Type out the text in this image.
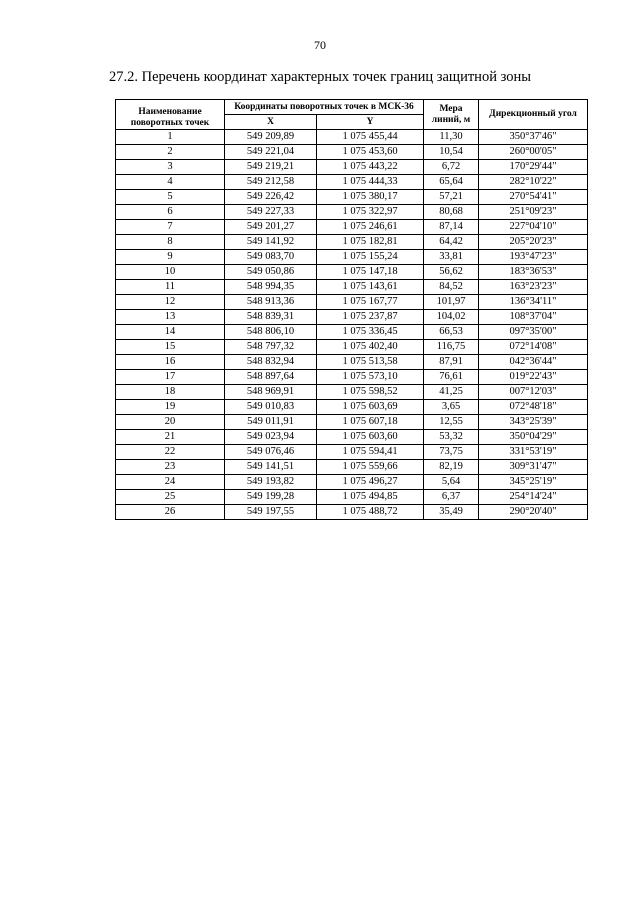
70
27.2. Перечень координат характерных точек границ защитной зоны
Наименование поворотных точек	Координаты поворотных точек в МСК-36		Мера линий, м	Дирекционный угол
	X	Y		
1	549 209,89	1 075 455,44	11,30	350°37'46"
2	549 221,04	1 075 453,60	10,54	260°00'05"
3	549 219,21	1 075 443,22	6,72	170°29'44"
4	549 212,58	1 075 444,33	65,64	282°10'22"
5	549 226,42	1 075 380,17	57,21	270°54'41"
6	549 227,33	1 075 322,97	80,68	251°09'23"
7	549 201,27	1 075 246,61	87,14	227°04'10"
8	549 141,92	1 075 182,81	64,42	205°20'23"
9	549 083,70	1 075 155,24	33,81	193°47'23"
10	549 050,86	1 075 147,18	56,62	183°36'53"
11	548 994,35	1 075 143,61	84,52	163°23'23"
12	548 913,36	1 075 167,77	101,97	136°34'11"
13	548 839,31	1 075 237,87	104,02	108°37'04"
14	548 806,10	1 075 336,45	66,53	097°35'00"
15	548 797,32	1 075 402,40	116,75	072°14'08"
16	548 832,94	1 075 513,58	87,91	042°36'44"
17	548 897,64	1 075 573,10	76,61	019°22'43"
18	548 969,91	1 075 598,52	41,25	007°12'03"
19	549 010,83	1 075 603,69	3,65	072°48'18"
20	549 011,91	1 075 607,18	12,55	343°25'39"
21	549 023,94	1 075 603,60	53,32	350°04'29"
22	549 076,46	1 075 594,41	73,75	331°53'19"
23	549 141,51	1 075 559,66	82,19	309°31'47"
24	549 193,82	1 075 496,27	5,64	345°25'19"
25	549 199,28	1 075 494,85	6,37	254°14'24"
26	549 197,55	1 075 488,72	35,49	290°20'40"
